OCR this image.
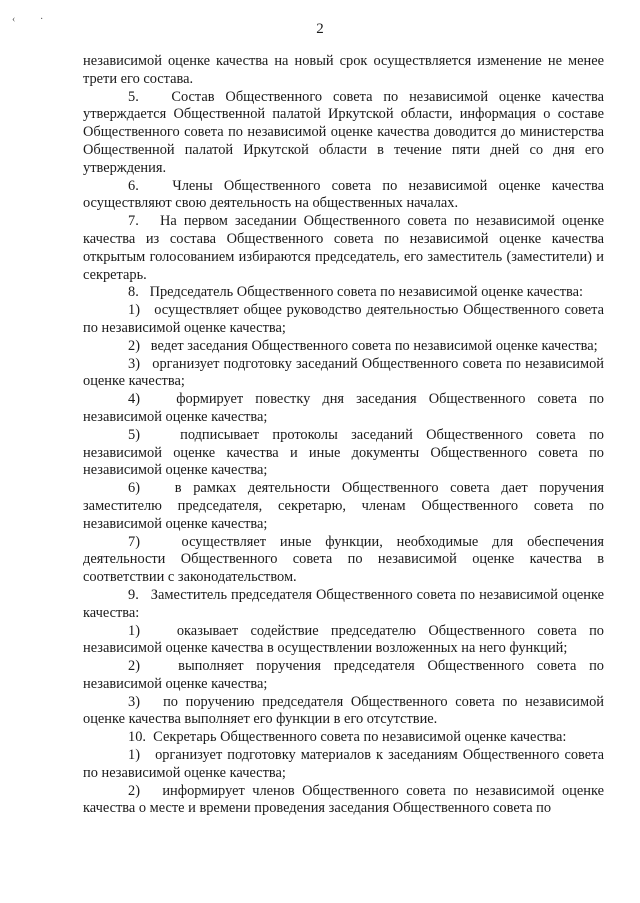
‹ ·
2

независимой оценке качества на новый срок осуществляется изменение не менее трети его состава.

5.   Состав Общественного совета по независимой оценке качества утверждается Общественной палатой Иркутской области, информация о составе Общественного совета по независимой оценке качества доводится до министерства Общественной палатой Иркутской области в течение пяти дней со дня его утверждения.

6.   Члены Общественного совета по независимой оценке качества осуществляют свою деятельность на общественных началах.

7.   На первом заседании Общественного совета по независимой оценке качества из состава Общественного совета по независимой оценке качества открытым голосованием избираются председатель, его заместитель (заместители) и секретарь.

8.   Председатель Общественного совета по независимой оценке качества:

1)   осуществляет общее руководство деятельностью Общественного совета по независимой оценке качества;

2)   ведет заседания Общественного совета по независимой оценке качества;

3)   организует подготовку заседаний Общественного совета по независимой оценке качества;

4)   формирует повестку дня заседания Общественного совета по независимой оценке качества;

5)   подписывает протоколы заседаний Общественного совета по независимой оценке качества и иные документы Общественного совета по независимой оценке качества;

6)   в рамках деятельности Общественного совета дает поручения заместителю председателя, секретарю, членам Общественного совета по независимой оценке качества;

7)   осуществляет иные функции, необходимые для обеспечения деятельности Общественного совета по независимой оценке качества в соответствии с законодательством.

9.   Заместитель председателя Общественного совета по независимой оценке качества:

1)   оказывает содействие председателю Общественного совета по независимой оценке качества в осуществлении возложенных на него функций;

2)   выполняет поручения председателя Общественного совета по независимой оценке качества;

3)   по поручению председателя Общественного совета по независимой оценке качества выполняет его функции в его отсутствие.

10.  Секретарь Общественного совета по независимой оценке качества:

1)   организует подготовку материалов к заседаниям Общественного совета по независимой оценке качества;

2)   информирует членов Общественного совета по независимой оценке качества о месте и времени проведения заседания Общественного совета по
